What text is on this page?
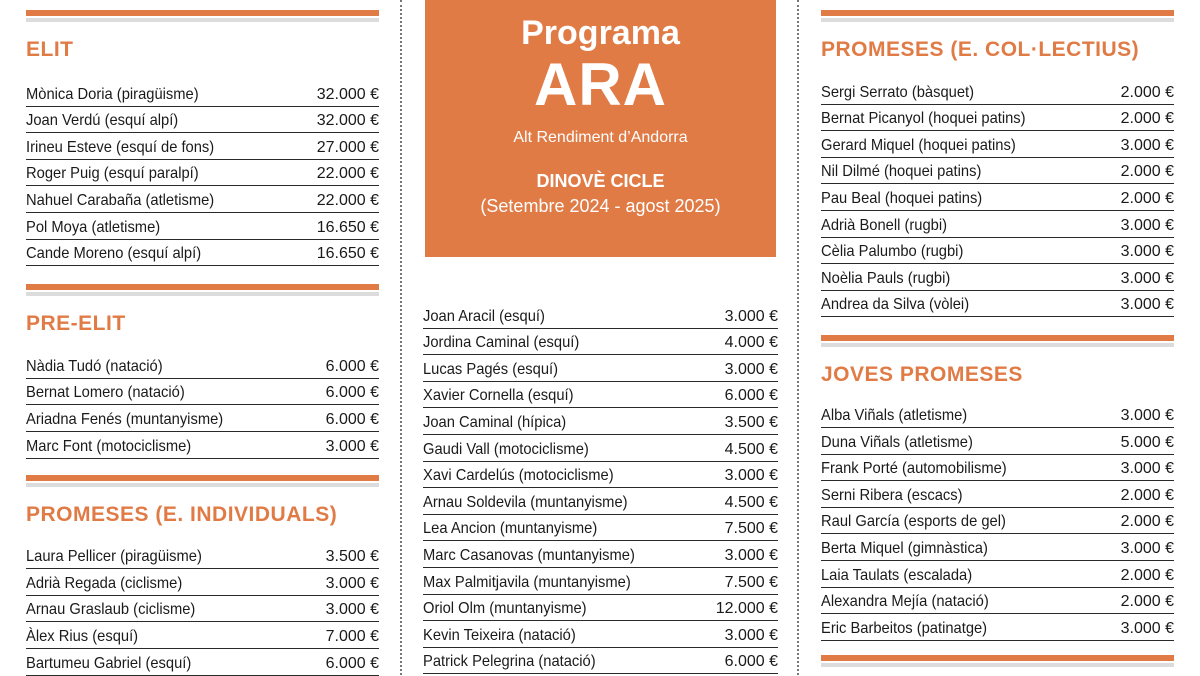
ELIT
Mònica Doria (piragüisme)	32.000 €
Joan Verdú (esquí alpí)	32.000 €
Irineu Esteve (esquí de fons)	27.000 €
Roger Puig (esquí paralpí)	22.000 €
Nahuel Carabaña (atletisme)	22.000 €
Pol Moya (atletisme)	16.650 €
Cande Moreno (esquí alpí)	16.650 €
PRE-ELIT
Nàdia Tudó (natació)	6.000 €
Bernat Lomero (natació)	6.000 €
Ariadna Fenés (muntanyisme)	6.000 €
Marc Font (motociclisme)	3.000 €
PROMESES (E. INDIVIDUALS)
Laura Pellicer (piragüisme)	3.500 €
Adrià Regada (ciclisme)	3.000 €
Arnau Graslaub (ciclisme)	3.000 €
Àlex Rius (esquí)	7.000 €
Bartumeu Gabriel (esquí)	6.000 €
Programa
ARA
Alt Rendiment d’Andorra
DINOVÈ CICLE
(Setembre 2024 - agost 2025)
Joan Aracil (esquí)	3.000 €
Jordina Caminal (esquí)	4.000 €
Lucas Pagés (esquí)	3.000 €
Xavier Cornella (esquí)	6.000 €
Joan Caminal (hípica)	3.500 €
Gaudi Vall (motociclisme)	4.500 €
Xavi Cardelús (motociclisme)	3.000 €
Arnau Soldevila (muntanyisme)	4.500 €
Lea Ancion (muntanyisme)	7.500 €
Marc Casanovas (muntanyisme)	3.000 €
Max Palmitjavila (muntanyisme)	7.500 €
Oriol Olm (muntanyisme)	12.000 €
Kevin Teixeira (natació)	3.000 €
Patrick Pelegrina (natació)	6.000 €
PROMESES (E. COL·LECTIUS)
Sergi Serrato (bàsquet)	2.000 €
Bernat Picanyol (hoquei patins)	2.000 €
Gerard Miquel (hoquei patins)	3.000 €
Nil Dilmé (hoquei patins)	2.000 €
Pau Beal (hoquei patins)	2.000 €
Adrià Bonell (rugbi)	3.000 €
Cèlia Palumbo (rugbi)	3.000 €
Noèlia Pauls (rugbi)	3.000 €
Andrea da Silva (vòlei)	3.000 €
JOVES PROMESES
Alba Viñals (atletisme)	3.000 €
Duna Viñals (atletisme)	5.000 €
Frank Porté (automobilisme)	3.000 €
Serni Ribera (escacs)	2.000 €
Raul García (esports de gel)	2.000 €
Berta Miquel (gimnàstica)	3.000 €
Laia Taulats (escalada)	2.000 €
Alexandra Mejía (natació)	2.000 €
Eric Barbeitos (patinatge)	3.000 €
